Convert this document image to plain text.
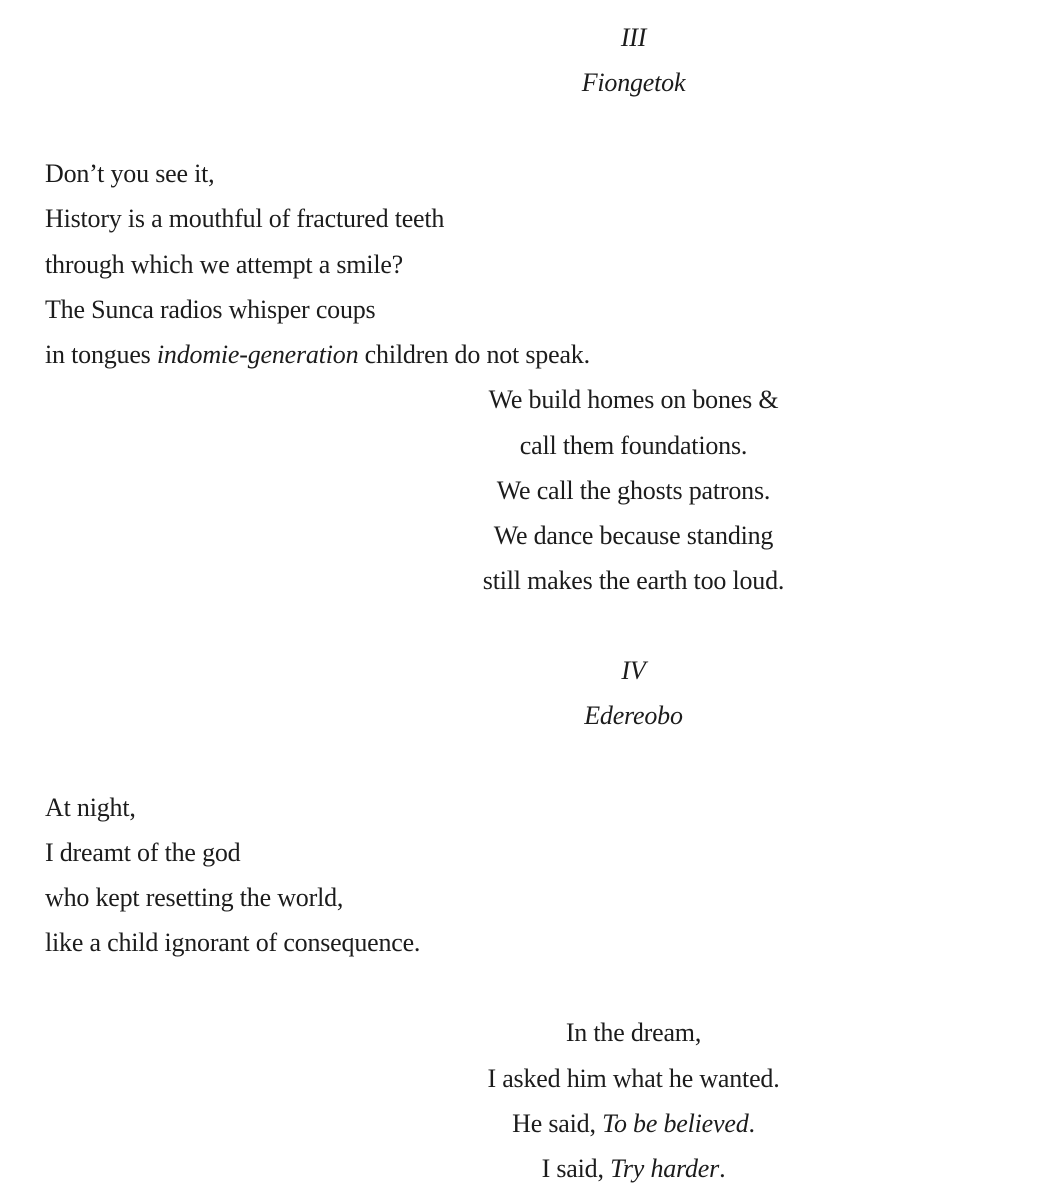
III
Fiongetok
Don’t you see it,
History is a mouthful of fractured teeth
through which we attempt a smile?
The Sunca radios whisper coups
in tongues indomie-generation children do not speak.
We build homes on bones &
call them foundations.
We call the ghosts patrons.
We dance because standing
still makes the earth too loud.
IV
Edereobo
At night,
I dreamt of the god
who kept resetting the world,
like a child ignorant of consequence.
In the dream,
I asked him what he wanted.
He said, To be believed.
I said, Try harder.
